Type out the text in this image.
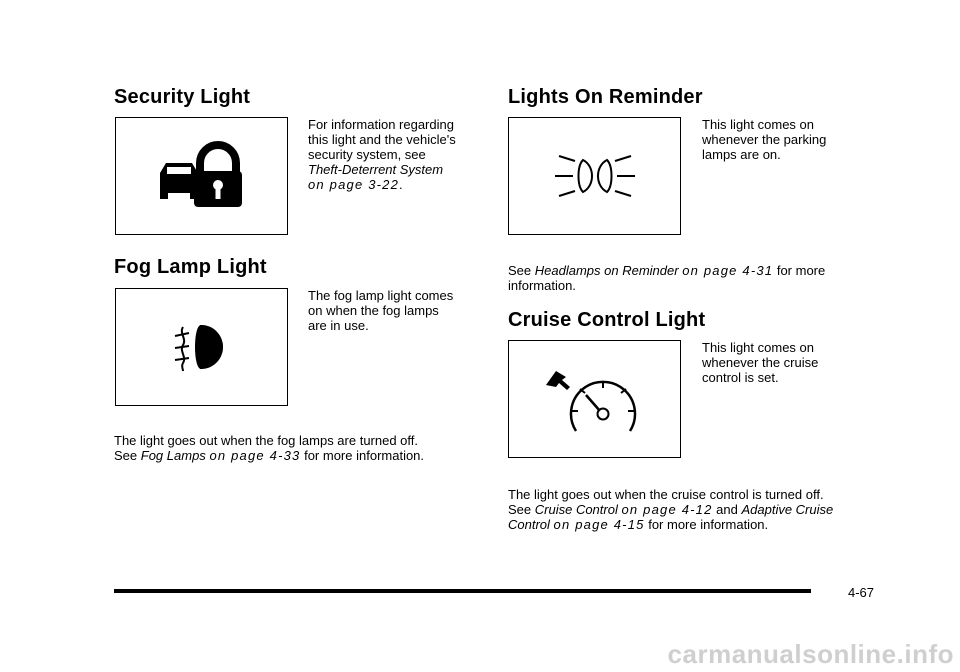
Security Light

For information regarding
this light and the vehicle's
security system, see
Theft-Deterrent System
on page 3-22.

Fog Lamp Light

The fog lamp light comes
on when the fog lamps
are in use.

The light goes out when the fog lamps are turned off.
See Fog Lamps on page 4-33 for more information.

Lights On Reminder

This light comes on
whenever the parking
lamps are on.

See Headlamps on Reminder on page 4-31 for more
information.

Cruise Control Light

This light comes on
whenever the cruise
control is set.

The light goes out when the cruise control is turned off.
See Cruise Control on page 4-12 and Adaptive Cruise
Control on page 4-15 for more information.

4-67
carmanualsonline.info
